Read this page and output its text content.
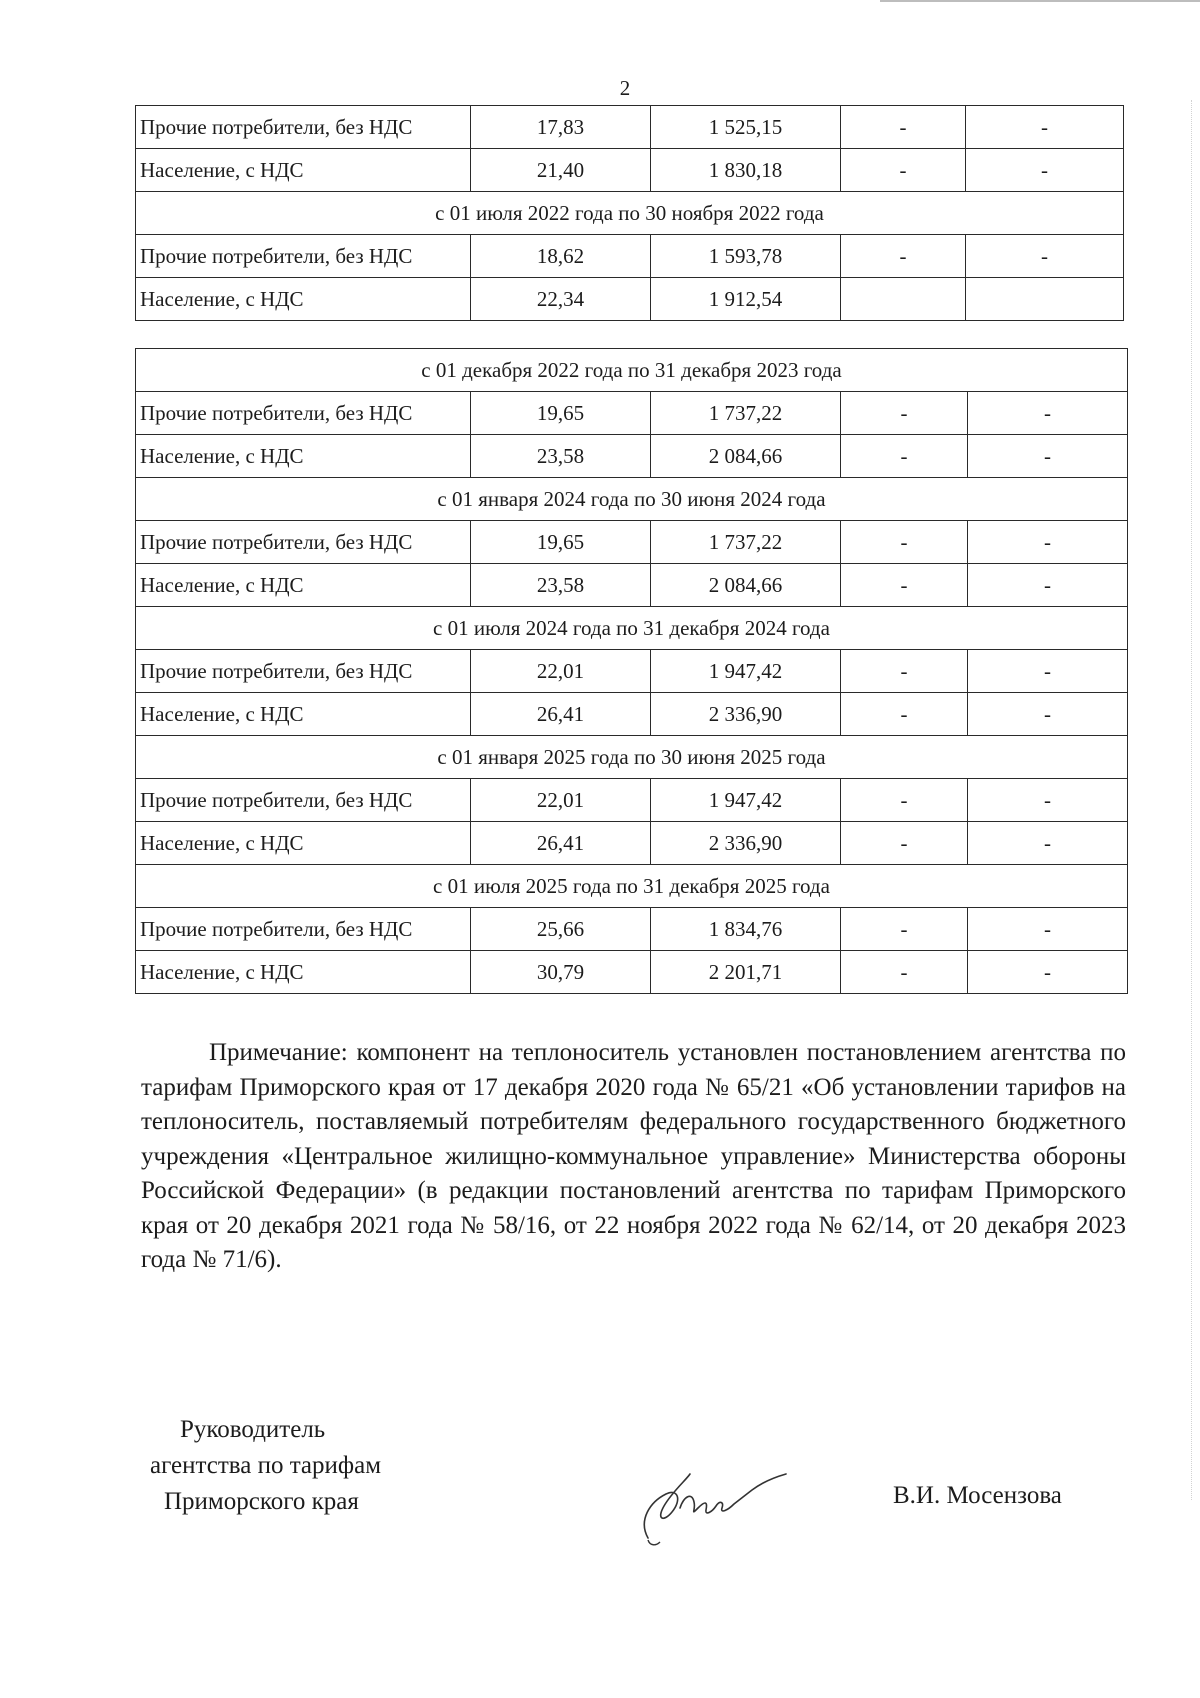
2
Прочие потребители, без НДС	17,83	1 525,15	-	-
Население, с НДС	21,40	1 830,18	-	-
с 01 июля 2022 года по 30 ноября 2022 года				
Прочие потребители, без НДС	18,62	1 593,78	-	-
Население, с НДС	22,34	1 912,54		
с 01 декабря 2022 года по 31 декабря 2023 года				
Прочие потребители, без НДС	19,65	1 737,22	-	-
Население, с НДС	23,58	2 084,66	-	-
с 01 января 2024 года по 30 июня 2024 года				
Прочие потребители, без НДС	19,65	1 737,22	-	-
Население, с НДС	23,58	2 084,66	-	-
с 01 июля 2024 года по 31 декабря 2024 года				
Прочие потребители, без НДС	22,01	1 947,42	-	-
Население, с НДС	26,41	2 336,90	-	-
с 01 января 2025 года по 30 июня 2025 года				
Прочие потребители, без НДС	22,01	1 947,42	-	-
Население, с НДС	26,41	2 336,90	-	-
с 01 июля 2025 года по 31 декабря 2025 года				
Прочие потребители, без НДС	25,66	1 834,76	-	-
Население, с НДС	30,79	2 201,71	-	-

Примечание: компонент на теплоноситель установлен постановлением агентства по тарифам Приморского края от 17 декабря 2020 года № 65/21 «Об установлении тарифов на теплоноситель, поставляемый потребителям федерального государственного бюджетного учреждения «Центральное жилищно-коммунальное управление» Министерства обороны Российской Федерации» (в редакции постановлений агентства по тарифам Приморского края от 20 декабря 2021 года № 58/16, от 22 ноября 2022 года № 62/14, от 20 декабря 2023 года № 71/6).

Руководитель
агентства по тарифам
Приморского края	В.И. Мосензова
